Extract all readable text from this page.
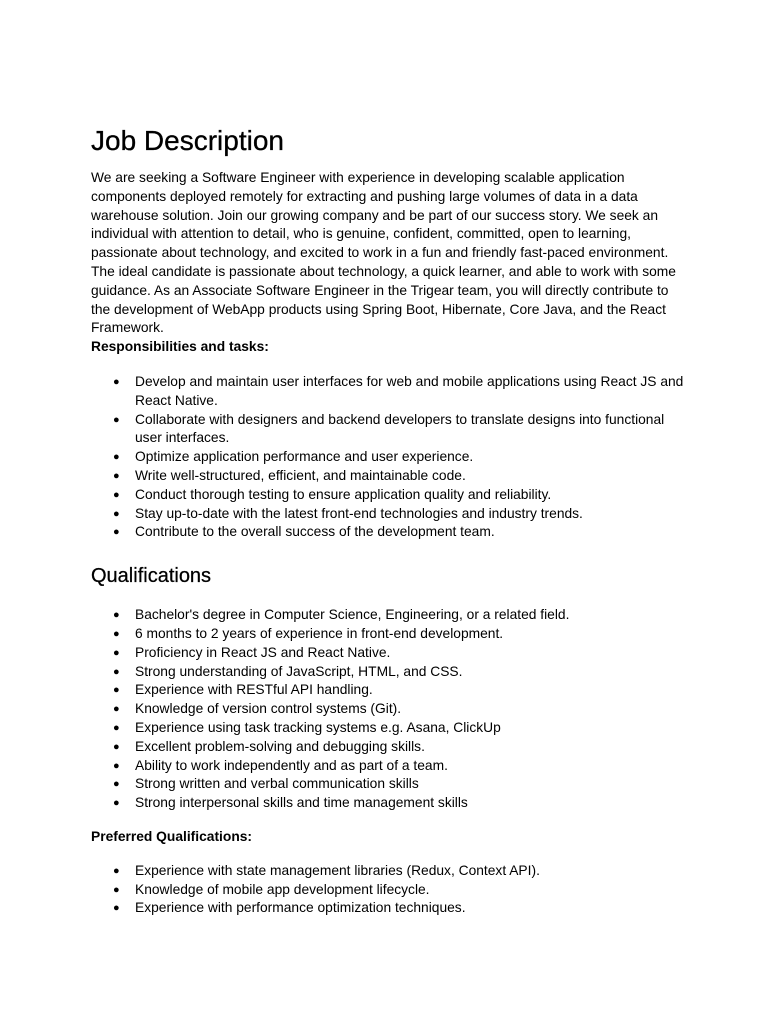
Job Description

We are seeking a Software Engineer with experience in developing scalable application components deployed remotely for extracting and pushing large volumes of data in a data warehouse solution. Join our growing company and be part of our success story. We seek an individual with attention to detail, who is genuine, confident, committed, open to learning, passionate about technology, and excited to work in a fun and friendly fast-paced environment. The ideal candidate is passionate about technology, a quick learner, and able to work with some guidance. As an Associate Software Engineer in the Trigear team, you will directly contribute to the development of WebApp products using Spring Boot, Hibernate, Core Java, and the React Framework.

Responsibilities and tasks:

● Develop and maintain user interfaces for web and mobile applications using React JS and React Native.
● Collaborate with designers and backend developers to translate designs into functional user interfaces.
● Optimize application performance and user experience.
● Write well-structured, efficient, and maintainable code.
● Conduct thorough testing to ensure application quality and reliability.
● Stay up-to-date with the latest front-end technologies and industry trends.
● Contribute to the overall success of the development team.
Qualifications
● Bachelor's degree in Computer Science, Engineering, or a related field.
● 6 months to 2 years of experience in front-end development.
● Proficiency in React JS and React Native.
● Strong understanding of JavaScript, HTML, and CSS.
● Experience with RESTful API handling.
● Knowledge of version control systems (Git).
● Experience using task tracking systems e.g. Asana, ClickUp
● Excellent problem-solving and debugging skills.
● Ability to work independently and as part of a team.
● Strong written and verbal communication skills
● Strong interpersonal skills and time management skills

Preferred Qualifications:

● Experience with state management libraries (Redux, Context API).
● Knowledge of mobile app development lifecycle.
● Experience with performance optimization techniques.
